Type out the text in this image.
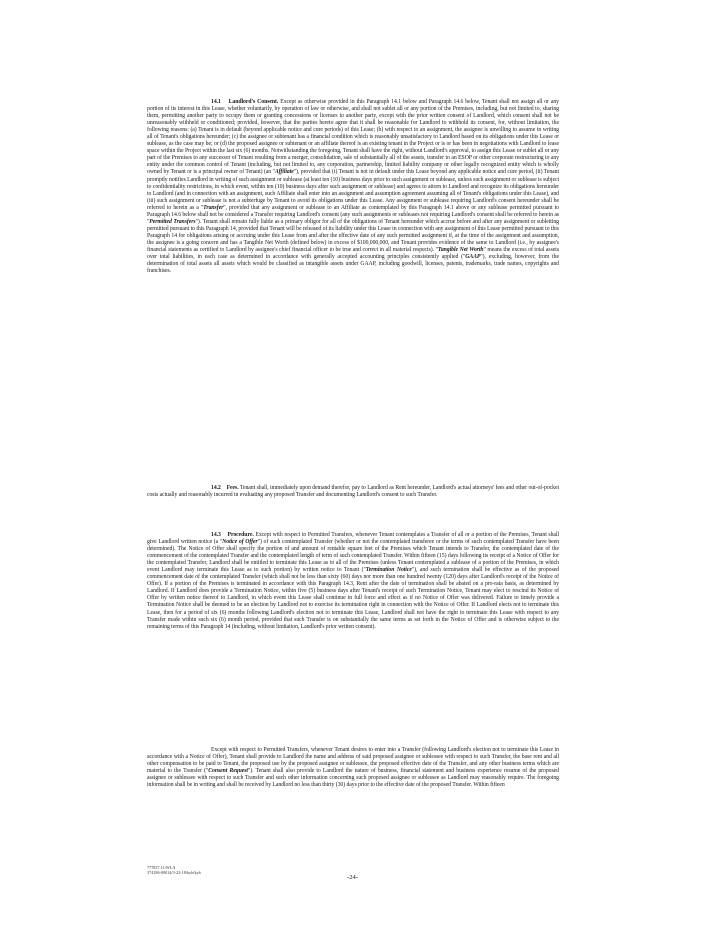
14.1 Landlord's Consent. Except as otherwise provided in this Paragraph 14.1 below and Paragraph 14.6 below, Tenant shall not assign all or any portion of its interest in this Lease, whether voluntarily, by operation of law or otherwise, and shall not sublet all or any portion of the Premises, including, but not limited to, sharing them, permitting another party to occupy them or granting concessions or licenses to another party, except with the prior written consent of Landlord, which consent shall not be unreasonably withheld or conditioned; provided, however, that the parties hereto agree that it shall be reasonable for Landlord to withhold its consent, for, without limitation, the following reasons: (a) Tenant is in default (beyond applicable notice and cure periods) of this Lease; (b) with respect to an assignment, the assignee is unwilling to assume in writing all of Tenant's obligations hereunder; (c) the assignee or subtenant has a financial condition which is reasonably unsatisfactory to Landlord based on its obligations under this Lease or sublease, as the case may be; or (d) the proposed assignee or subtenant or an affiliate thereof is an existing tenant in the Project or is or has been in negotiations with Landlord to lease space within the Project within the last six (6) months. Notwithstanding the foregoing, Tenant shall have the right, without Landlord's approval, to assign this Lease or sublet all or any part of the Premises to any successor of Tenant resulting from a merger, consolidation, sale of substantially all of the assets, transfer to an ESOP or other corporate restructuring to any entity under the common control of Tenant (including, but not limited to, any corporation, partnership, limited liability company or other legally recognized entity which is wholly owned by Tenant or is a principal owner of Tenant) (an "Affiliate"), provided that (i) Tenant is not in default under this Lease beyond any applicable notice and cure period, (ii) Tenant promptly notifies Landlord in writing of such assignment or sublease (at least ten (10) business days prior to such assignment or sublease, unless such assignment or sublease is subject to confidentiality restrictions, in which event, within ten (10) business days after such assignment or sublease) and agrees to attorn to Landlord and recognize its obligations hereunder to Landlord (and in connection with an assignment, such Affiliate shall enter into an assignment and assumption agreement assuming all of Tenant's obligations under this Lease), and (iii) such assignment or sublease is not a subterfuge by Tenant to avoid its obligations under this Lease. Any assignment or sublease requiring Landlord's consent hereunder shall be referred to herein as a "Transfer", provided that any assignment or sublease to an Affiliate as contemplated by this Paragraph 14.1 above or any sublease permitted pursuant to Paragraph 14.6 below shall not be considered a Transfer requiring Landlord's consent (any such assignments or subleases not requiring Landlord's consent shall be referred to herein as "Permitted Transfers"). Tenant shall remain fully liable as a primary obligor for all of the obligations of Tenant hereunder which accrue before and after any assignment or subletting permitted pursuant to this Paragraph 14, provided that Tenant will be released of its liability under this Lease in connection with any assignment of this Lease permitted pursuant to this Paragraph 14 for obligations arising or accruing under this Lease from and after the effective date of any such permitted assignment if, at the time of the assignment and assumption, the assignee is a going concern and has a Tangible Net Worth (defined below) in excess of $100,000,000, and Tenant provides evidence of the same to Landlord (i.e., by assignee's financial statements as certified to Landlord by assignee's chief financial officer to be true and correct in all material respects). "Tangible Net Worth" means the excess of total assets over total liabilities, in each case as determined in accordance with generally accepted accounting principles consistently applied ("GAAP"), excluding, however, from the determination of total assets all assets which would be classified as intangible assets under GAAP, including goodwill, licenses, patents, trademarks, trade names, copyrights and franchises.

14.2 Fees. Tenant shall, immediately upon demand therefor, pay to Landlord as Rent hereunder, Landlord's actual attorneys' fees and other out-of-pocket costs actually and reasonably incurred in evaluating any proposed Transfer and documenting Landlord's consent to such Transfer.

14.3 Procedure. Except with respect to Permitted Transfers, whenever Tenant contemplates a Transfer of all or a portion of the Premises, Tenant shall give Landlord written notice (a "Notice of Offer") of such contemplated Transfer (whether or not the contemplated transferee or the terms of such contemplated Transfer have been determined). The Notice of Offer shall specify the portion of and amount of rentable square feet of the Premises which Tenant intends to Transfer, the contemplated date of the commencement of the contemplated Transfer and the contemplated length of term of such contemplated Transfer. Within fifteen (15) days following its receipt of a Notice of Offer for the contemplated Transfer, Landlord shall be entitled to terminate this Lease as to all of the Premises (unless Tenant contemplated a sublease of a portion of the Premises, in which event Landlord may terminate this Lease as to such portion) by written notice to Tenant ("Termination Notice"), and such termination shall be effective as of the proposed commencement date of the contemplated Transfer (which shall not be less than sixty (60) days nor more than one hundred twenty (120) days after Landlord's receipt of the Notice of Offer). If a portion of the Premises is terminated in accordance with this Paragraph 14.3, Rent after the date of termination shall be abated on a pro-rata basis, as determined by Landlord. If Landlord does provide a Termination Notice, within five (5) business days after Tenant's receipt of such Termination Notice, Tenant may elect to rescind its Notice of Offer by written notice thereof to Landlord, in which event this Lease shall continue in full force and effect as if no Notice of Offer was delivered. Failure to timely provide a Termination Notice shall be deemed to be an election by Landlord not to exercise its termination right in connection with the Notice of Offer. If Landlord elects not to terminate this Lease, then for a period of six (6) months following Landlord's election not to terminate this Lease, Landlord shall not have the right to terminate this Lease with respect to any Transfer made within such six (6) month period, provided that such Transfer is on substantially the same terms as set forth in the Notice of Offer and is otherwise subject to the remaining terms of this Paragraph 14 (including, without limitation, Landlord's prior written consent).

Except with respect to Permitted Transfers, whenever Tenant desires to enter into a Transfer (following Landlord's election not to terminate this Lease in accordance with a Notice of Offer), Tenant shall provide to Landlord the name and address of said proposed assignee or sublessee with respect to such Transfer, the base rent and all other compensation to be paid to Tenant, the proposed use by the proposed assignee or sublessee, the proposed effective date of the Transfer, and any other business terms which are material to the Transfer ("Consent Request"). Tenant shall also provide to Landlord the nature of business, financial statement and business experience resume of the proposed assignee or sublessee with respect to such Transfer and such other information concerning such proposed assignee or sublessee as Landlord may reasonably require. The foregoing information shall be in writing and shall be received by Landlord no less than thirty (30) days prior to the effective date of the proposed Transfer. Within fifteen

777837.11/WLA
374186-00014/3-22-18/kyb/kyb
-24-
